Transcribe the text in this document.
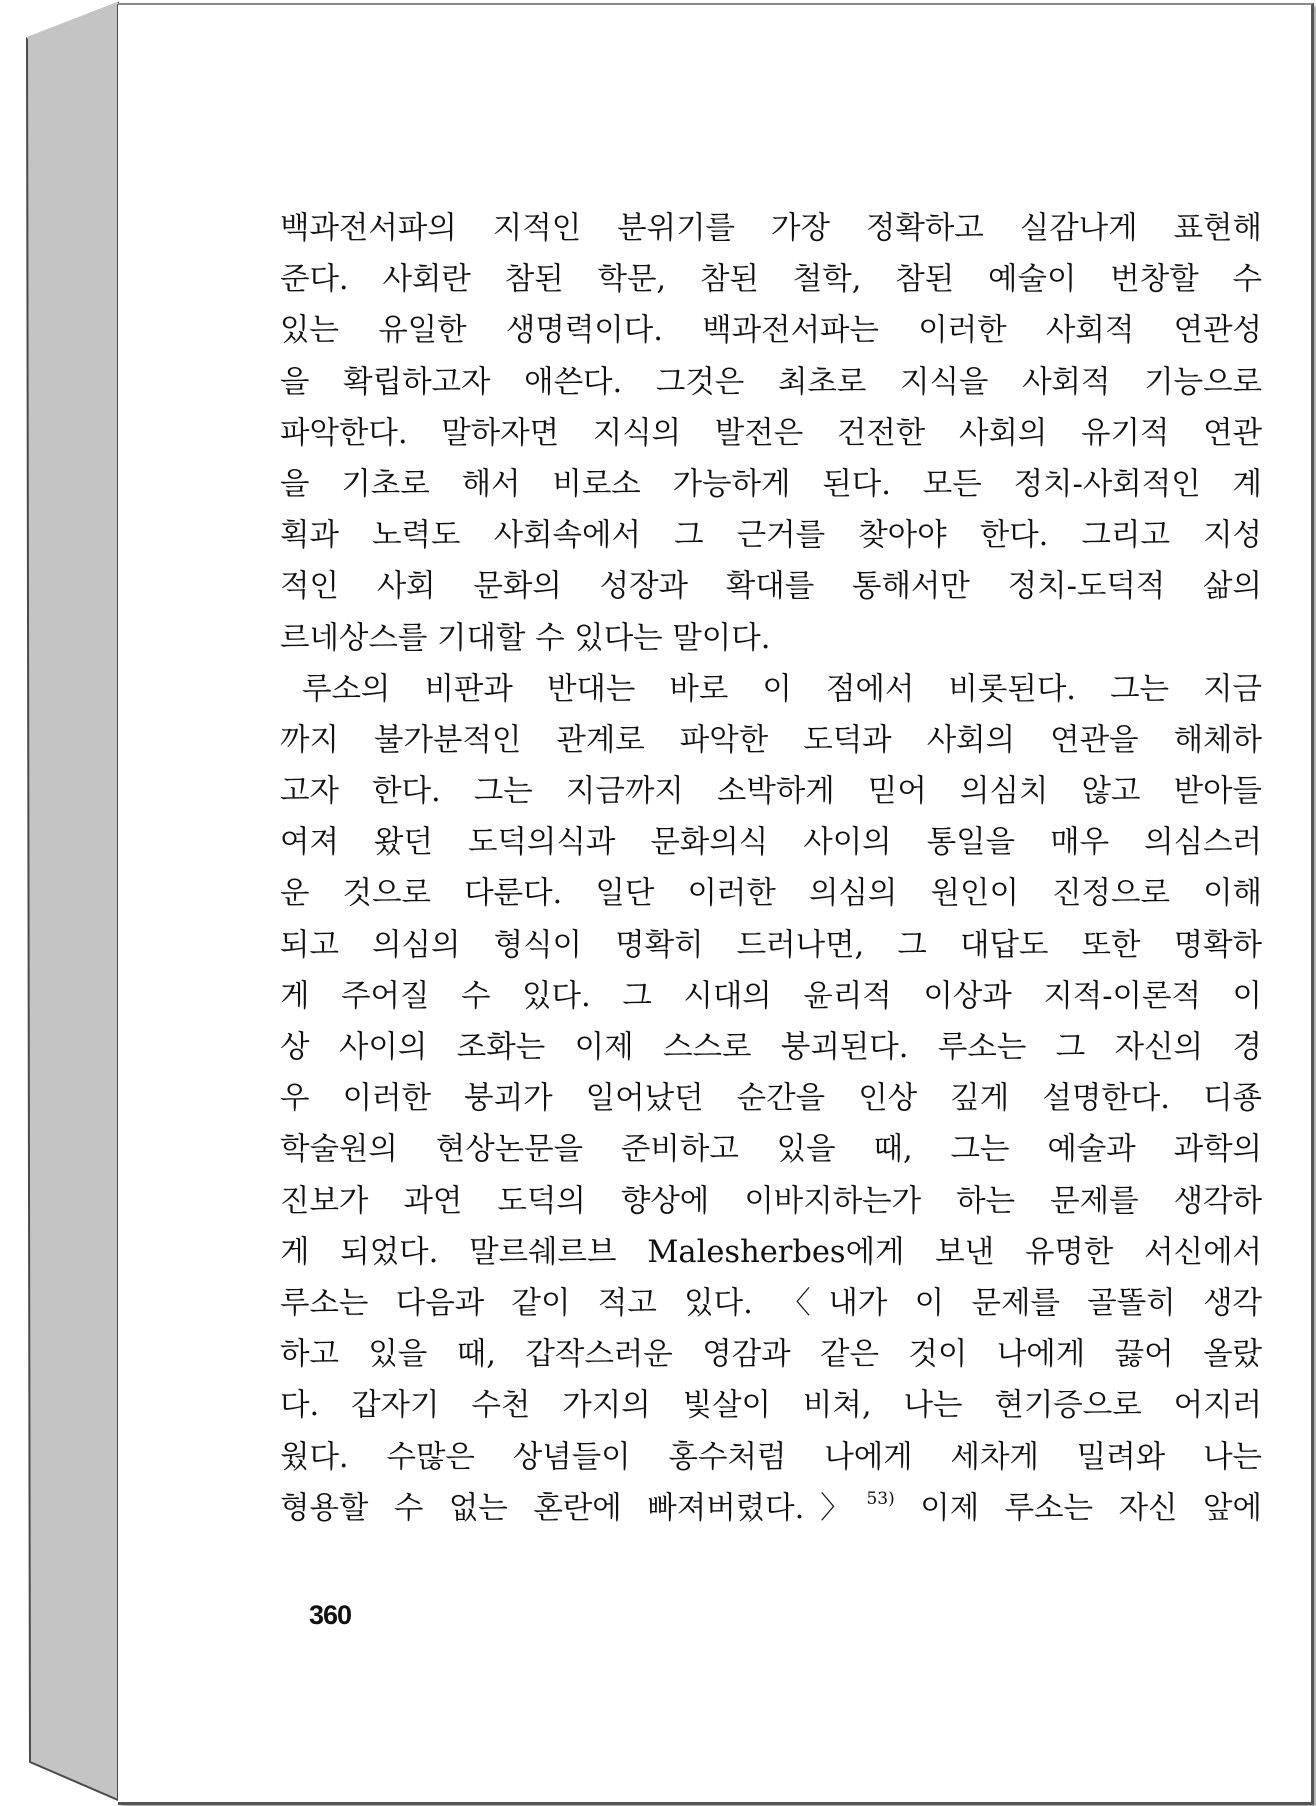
백과전서파의 지적인 분위기를 가장 정확하고 실감나게 표현해
준다. 사회란 참된 학문, 참된 철학, 참된 예술이 번창할 수
있는 유일한 생명력이다. 백과전서파는 이러한 사회적 연관성
을 확립하고자 애쓴다. 그것은 최초로 지식을 사회적 기능으로
파악한다. 말하자면 지식의 발전은 건전한 사회의 유기적 연관
을 기초로 해서 비로소 가능하게 된다. 모든 정치-사회적인 계
획과 노력도 사회속에서 그 근거를 찾아야 한다. 그리고 지성
적인 사회 문화의 성장과 확대를 통해서만 정치-도덕적 삶의
르네상스를 기대할 수 있다는 말이다.
루소의 비판과 반대는 바로 이 점에서 비롯된다. 그는 지금
까지 불가분적인 관계로 파악한 도덕과 사회의 연관을 해체하
고자 한다. 그는 지금까지 소박하게 믿어 의심치 않고 받아들
여져 왔던 도덕의식과 문화의식 사이의 통일을 매우 의심스러
운 것으로 다룬다. 일단 이러한 의심의 원인이 진정으로 이해
되고 의심의 형식이 명확히 드러나면, 그 대답도 또한 명확하
게 주어질 수 있다. 그 시대의 윤리적 이상과 지적-이론적 이
상 사이의 조화는 이제 스스로 붕괴된다. 루소는 그 자신의 경
우 이러한 붕괴가 일어났던 순간을 인상 깊게 설명한다. 디죵
학술원의 현상논문을 준비하고 있을 때, 그는 예술과 과학의
진보가 과연 도덕의 향상에 이바지하는가 하는 문제를 생각하
게 되었다. 말르쉐르브 Malesherbes에게 보낸 유명한 서신에서
루소는 다음과 같이 적고 있다. 〈내가 이 문제를 골똘히 생각
하고 있을 때, 갑작스러운 영감과 같은 것이 나에게 끓어 올랐
다. 갑자기 수천 가지의 빛살이 비쳐, 나는 현기증으로 어지러
웠다. 수많은 상념들이 홍수처럼 나에게 세차게 밀려와 나는
형용할 수 없는 혼란에 빠져버렸다.〉$^{53)}$ 이제 루소는 자신 앞에
360
